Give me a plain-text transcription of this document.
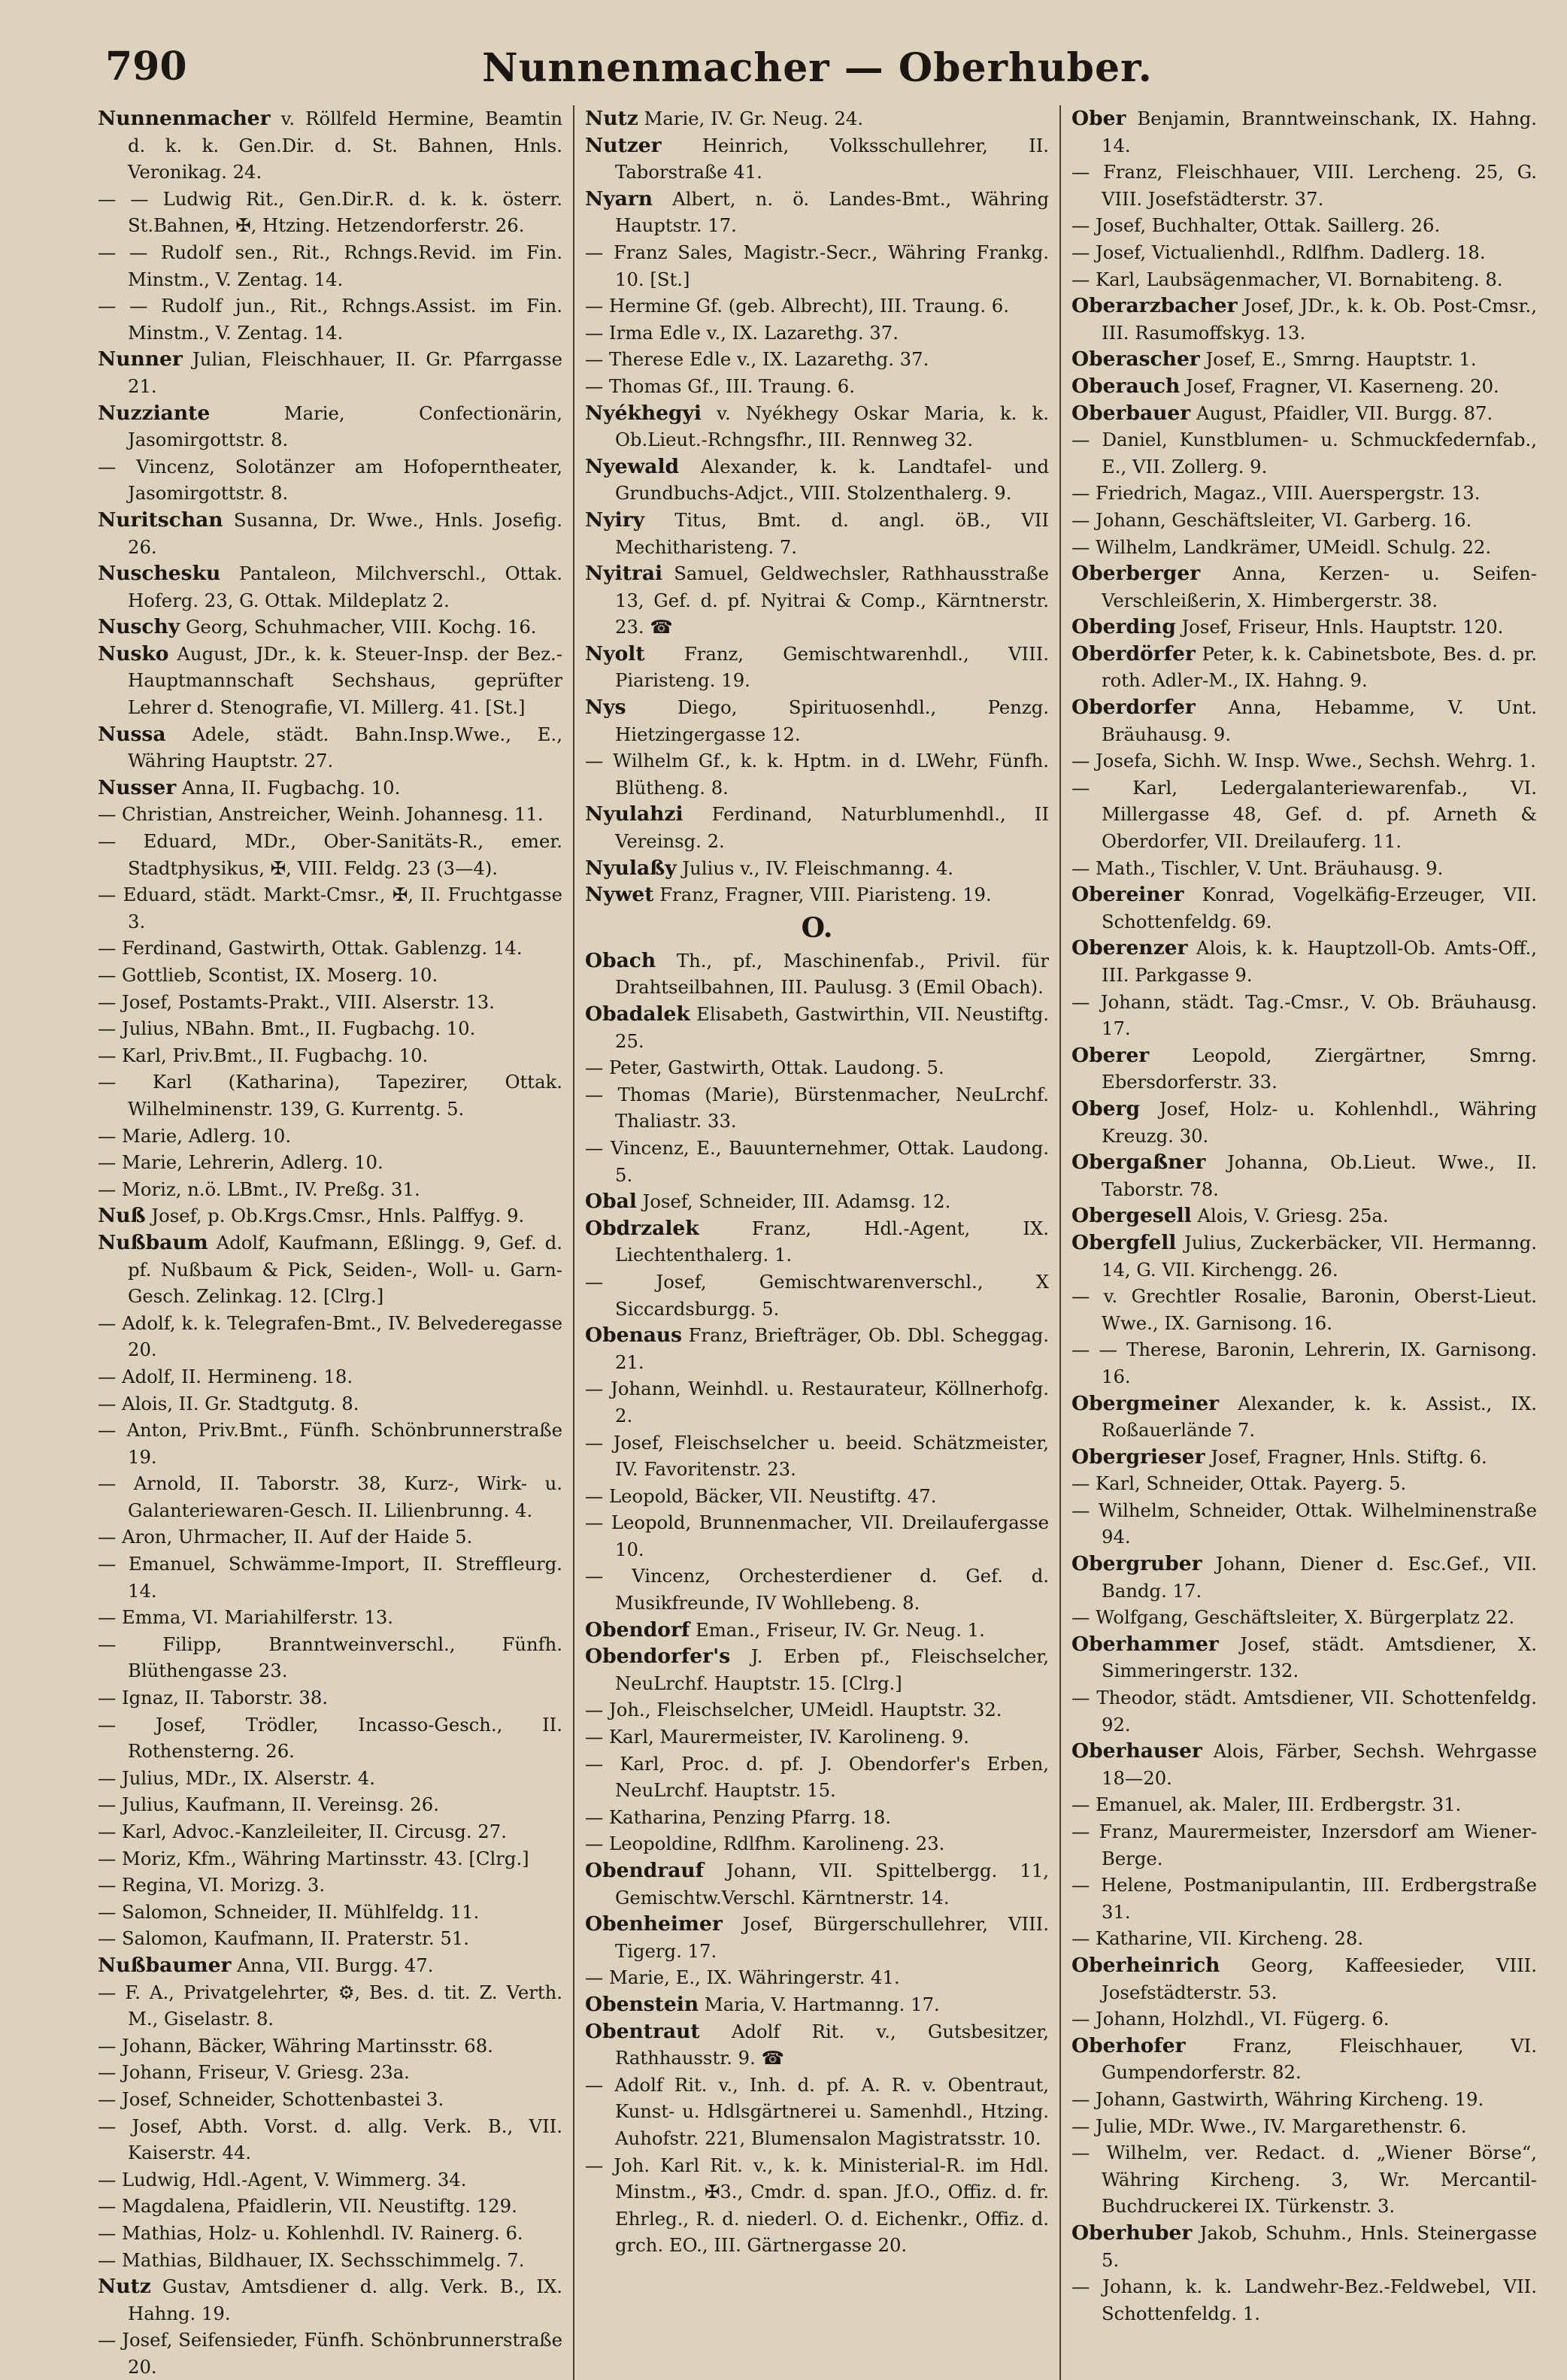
790	Nunnenmacher — Oberhuber.

Nunnenmacher v. Röllfeld Hermine, Beamtin d. k. k. Gen.Dir. d. St. Bahnen, Hnls. Veronikag. 24.

— — Ludwig Rit., Gen.Dir.R. d. k. k. österr. St.Bahnen, ✠, Htzing. Hetzendorferstr. 26.

— — Rudolf sen., Rit., Rchngs.Revid. im Fin. Minstm., V. Zentag. 14.

— — Rudolf jun., Rit., Rchngs.Assist. im Fin. Minstm., V. Zentag. 14.

Nunner Julian, Fleischhauer, II. Gr. Pfarrgasse 21.

Nuzziante Marie, Confectionärin, Jasomirgottstr. 8.

— Vincenz, Solotänzer am Hofoperntheater, Jasomirgottstr. 8.

Nuritschan Susanna, Dr. Wwe., Hnls. Josefig. 26.

Nuschesku Pantaleon, Milchverschl., Ottak. Hoferg. 23, G. Ottak. Mildeplatz 2.

Nuschy Georg, Schuhmacher, VIII. Kochg. 16.

Nusko August, JDr., k. k. Steuer-Insp. der Bez.-Hauptmannschaft Sechshaus, geprüfter Lehrer d. Stenografie, VI. Millerg. 41. [St.]

Nussa Adele, städt. Bahn.Insp.Wwe., E., Währing Hauptstr. 27.

Nusser Anna, II. Fugbachg. 10.

— Christian, Anstreicher, Weinh. Johannesg. 11.

— Eduard, MDr., Ober-Sanitäts-R., emer. Stadtphysikus, ✠, VIII. Feldg. 23 (3—4).

— Eduard, städt. Markt-Cmsr., ✠, II. Fruchtgasse 3.

— Ferdinand, Gastwirth, Ottak. Gablenzg. 14.

— Gottlieb, Scontist, IX. Moserg. 10.

— Josef, Postamts-Prakt., VIII. Alserstr. 13.

— Julius, NBahn. Bmt., II. Fugbachg. 10.

— Karl, Priv.Bmt., II. Fugbachg. 10.

— Karl (Katharina), Tapezirer, Ottak. Wilhelminenstr. 139, G. Kurrentg. 5.

— Marie, Adlerg. 10.

— Marie, Lehrerin, Adlerg. 10.

— Moriz, n.ö. LBmt., IV. Preßg. 31.

Nuß Josef, p. Ob.Krgs.Cmsr., Hnls. Palffyg. 9.

Nußbaum Adolf, Kaufmann, Eßlingg. 9, Gef. d. pf. Nußbaum & Pick, Seiden-, Woll- u. Garn-Gesch. Zelinkag. 12. [Clrg.]

— Adolf, k. k. Telegrafen-Bmt., IV. Belvederegasse 20.

— Adolf, II. Hermineng. 18.

— Alois, II. Gr. Stadtgutg. 8.

— Anton, Priv.Bmt., Fünfh. Schönbrunnerstraße 19.

— Arnold, II. Taborstr. 38, Kurz-, Wirk- u. Galanteriewaren-Gesch. II. Lilienbrunng. 4.

— Aron, Uhrmacher, II. Auf der Haide 5.

— Emanuel, Schwämme-Import, II. Streffleurg. 14.

— Emma, VI. Mariahilferstr. 13.

— Filipp, Branntweinverschl., Fünfh. Blüthengasse 23.

— Ignaz, II. Taborstr. 38.

— Josef, Trödler, Incasso-Gesch., II. Rothensterng. 26.

— Julius, MDr., IX. Alserstr. 4.

— Julius, Kaufmann, II. Vereinsg. 26.

— Karl, Advoc.-Kanzleileiter, II. Circusg. 27.

— Moriz, Kfm., Währing Martinsstr. 43. [Clrg.]

— Regina, VI. Morizg. 3.

— Salomon, Schneider, II. Mühlfeldg. 11.

— Salomon, Kaufmann, II. Praterstr. 51.

Nußbaumer Anna, VII. Burgg. 47.

— F. A., Privatgelehrter, ⚙, Bes. d. tit. Z. Verth. M., Giselastr. 8.

— Johann, Bäcker, Währing Martinsstr. 68.

— Johann, Friseur, V. Griesg. 23a.

— Josef, Schneider, Schottenbastei 3.

— Josef, Abth. Vorst. d. allg. Verk. B., VII. Kaiserstr. 44.

— Ludwig, Hdl.-Agent, V. Wimmerg. 34.

— Magdalena, Pfaidlerin, VII. Neustiftg. 129.

— Mathias, Holz- u. Kohlenhdl. IV. Rainerg. 6.

— Mathias, Bildhauer, IX. Sechsschimmelg. 7.

Nutz Gustav, Amtsdiener d. allg. Verk. B., IX. Hahng. 19.

— Josef, Seifensieder, Fünfh. Schönbrunnerstraße 20.

Nutz Marie, IV. Gr. Neug. 24.

Nutzer Heinrich, Volksschullehrer, II. Taborstraße 41.

Nyarn Albert, n. ö. Landes-Bmt., Währing Hauptstr. 17.

— Franz Sales, Magistr.-Secr., Währing Frankg. 10. [St.]

— Hermine Gf. (geb. Albrecht), III. Traung. 6.

— Irma Edle v., IX. Lazarethg. 37.

— Therese Edle v., IX. Lazarethg. 37.

— Thomas Gf., III. Traung. 6.

Nyékhegyi v. Nyékhegy Oskar Maria, k. k. Ob.Lieut.-Rchngsfhr., III. Rennweg 32.

Nyewald Alexander, k. k. Landtafel- und Grundbuchs-Adjct., VIII. Stolzenthalerg. 9.

Nyiry Titus, Bmt. d. angl. öB., VII Mechitharisteng. 7.

Nyitrai Samuel, Geldwechsler, Rathhausstraße 13, Gef. d. pf. Nyitrai & Comp., Kärntnerstr. 23. ☎

Nyolt Franz, Gemischtwarenhdl., VIII. Piaristeng. 19.

Nys Diego, Spirituosenhdl., Penzg. Hietzingergasse 12.

— Wilhelm Gf., k. k. Hptm. in d. LWehr, Fünfh. Blütheng. 8.

Nyulahzi Ferdinand, Naturblumenhdl., II Vereinsg. 2.

Nyulaßy Julius v., IV. Fleischmanng. 4.

Nywet Franz, Fragner, VIII. Piaristeng. 19.

O.

Obach Th., pf., Maschinenfab., Privil. für Drahtseilbahnen, III. Paulusg. 3 (Emil Obach).

Obadalek Elisabeth, Gastwirthin, VII. Neustiftg. 25.

— Peter, Gastwirth, Ottak. Laudong. 5.

— Thomas (Marie), Bürstenmacher, NeuLrchf. Thaliastr. 33.

— Vincenz, E., Bauunternehmer, Ottak. Laudong. 5.

Obal Josef, Schneider, III. Adamsg. 12.

Obdrzalek Franz, Hdl.-Agent, IX. Liechtenthalerg. 1.

— Josef, Gemischtwarenverschl., X Siccardsburgg. 5.

Obenaus Franz, Briefträger, Ob. Dbl. Scheggag. 21.

— Johann, Weinhdl. u. Restaurateur, Köllnerhofg. 2.

— Josef, Fleischselcher u. beeid. Schätzmeister, IV. Favoritenstr. 23.

— Leopold, Bäcker, VII. Neustiftg. 47.

— Leopold, Brunnenmacher, VII. Dreilaufergasse 10.

— Vincenz, Orchesterdiener d. Gef. d. Musikfreunde, IV Wohllebeng. 8.

Obendorf Eman., Friseur, IV. Gr. Neug. 1.

Obendorfer's J. Erben pf., Fleischselcher, NeuLrchf. Hauptstr. 15. [Clrg.]

— Joh., Fleischselcher, UMeidl. Hauptstr. 32.

— Karl, Maurermeister, IV. Karolineng. 9.

— Karl, Proc. d. pf. J. Obendorfer's Erben, NeuLrchf. Hauptstr. 15.

— Katharina, Penzing Pfarrg. 18.

— Leopoldine, Rdlfhm. Karolineng. 23.

Obendrauf Johann, VII. Spittelbergg. 11, Gemischtw.Verschl. Kärntnerstr. 14.

Obenheimer Josef, Bürgerschullehrer, VIII. Tigerg. 17.

— Marie, E., IX. Währingerstr. 41.

Obenstein Maria, V. Hartmanng. 17.

Obentraut Adolf Rit. v., Gutsbesitzer, Rathhausstr. 9. ☎

— Adolf Rit. v., Inh. d. pf. A. R. v. Obentraut, Kunst- u. Hdlsgärtnerei u. Samenhdl., Htzing. Auhofstr. 221, Blumensalon Magistratsstr. 10.

— Joh. Karl Rit. v., k. k. Ministerial-R. im Hdl. Minstm., ✠3., Cmdr. d. span. Jf.O., Offiz. d. fr. Ehrleg., R. d. niederl. O. d. Eichenkr., Offiz. d. grch. EO., III. Gärtnergasse 20.

Ober Benjamin, Branntweinschank, IX. Hahng. 14.

— Franz, Fleischhauer, VIII. Lercheng. 25, G. VIII. Josefstädterstr. 37.

— Josef, Buchhalter, Ottak. Saillerg. 26.

— Josef, Victualienhdl., Rdlfhm. Dadlerg. 18.

— Karl, Laubsägenmacher, VI. Bornabiteng. 8.

Oberarzbacher Josef, JDr., k. k. Ob. Post-Cmsr., III. Rasumoffskyg. 13.

Oberascher Josef, E., Smrng. Hauptstr. 1.

Oberauch Josef, Fragner, VI. Kaserneng. 20.

Oberbauer August, Pfaidler, VII. Burgg. 87.

— Daniel, Kunstblumen- u. Schmuckfedernfab., E., VII. Zollerg. 9.

— Friedrich, Magaz., VIII. Auerspergstr. 13.

— Johann, Geschäftsleiter, VI. Garberg. 16.

— Wilhelm, Landkrämer, UMeidl. Schulg. 22.

Oberberger Anna, Kerzen- u. Seifen-Verschleißerin, X. Himbergerstr. 38.

Oberding Josef, Friseur, Hnls. Hauptstr. 120.

Oberdörfer Peter, k. k. Cabinetsbote, Bes. d. pr. roth. Adler-M., IX. Hahng. 9.

Oberdorfer Anna, Hebamme, V. Unt. Bräuhausg. 9.

— Josefa, Sichh. W. Insp. Wwe., Sechsh. Wehrg. 1.

— Karl, Ledergalanteriewarenfab., VI. Millergasse 48, Gef. d. pf. Arneth & Oberdorfer, VII. Dreilauferg. 11.

— Math., Tischler, V. Unt. Bräuhausg. 9.

Obereiner Konrad, Vogelkäfig-Erzeuger, VII. Schottenfeldg. 69.

Oberenzer Alois, k. k. Hauptzoll-Ob. Amts-Off., III. Parkgasse 9.

— Johann, städt. Tag.-Cmsr., V. Ob. Bräuhausg. 17.

Oberer Leopold, Ziergärtner, Smrng. Ebersdorferstr. 33.

Oberg Josef, Holz- u. Kohlenhdl., Währing Kreuzg. 30.

Obergaßner Johanna, Ob.Lieut. Wwe., II. Taborstr. 78.

Obergesell Alois, V. Griesg. 25a.

Obergfell Julius, Zuckerbäcker, VII. Hermanng. 14, G. VII. Kirchengg. 26.

— v. Grechtler Rosalie, Baronin, Oberst-Lieut. Wwe., IX. Garnisong. 16.

— — Therese, Baronin, Lehrerin, IX. Garnisong. 16.

Obergmeiner Alexander, k. k. Assist., IX. Roßauerlände 7.

Obergrieser Josef, Fragner, Hnls. Stiftg. 6.

— Karl, Schneider, Ottak. Payerg. 5.

— Wilhelm, Schneider, Ottak. Wilhelminenstraße 94.

Obergruber Johann, Diener d. Esc.Gef., VII. Bandg. 17.

— Wolfgang, Geschäftsleiter, X. Bürgerplatz 22.

Oberhammer Josef, städt. Amtsdiener, X. Simmeringerstr. 132.

— Theodor, städt. Amtsdiener, VII. Schottenfeldg. 92.

Oberhauser Alois, Färber, Sechsh. Wehrgasse 18—20.

— Emanuel, ak. Maler, III. Erdbergstr. 31.

— Franz, Maurermeister, Inzersdorf am Wiener-Berge.

— Helene, Postmanipulantin, III. Erdbergstraße 31.

— Katharine, VII. Kircheng. 28.

Oberheinrich Georg, Kaffeesieder, VIII. Josefstädterstr. 53.

— Johann, Holzhdl., VI. Fügerg. 6.

Oberhofer Franz, Fleischhauer, VI. Gumpendorferstr. 82.

— Johann, Gastwirth, Währing Kircheng. 19.

— Julie, MDr. Wwe., IV. Margarethenstr. 6.

— Wilhelm, ver. Redact. d. „Wiener Börse“, Währing Kircheng. 3, Wr. Mercantil-Buchdruckerei IX. Türkenstr. 3.

Oberhuber Jakob, Schuhm., Hnls. Steinergasse 5.

— Johann, k. k. Landwehr-Bez.-Feldwebel, VII. Schottenfeldg. 1.
